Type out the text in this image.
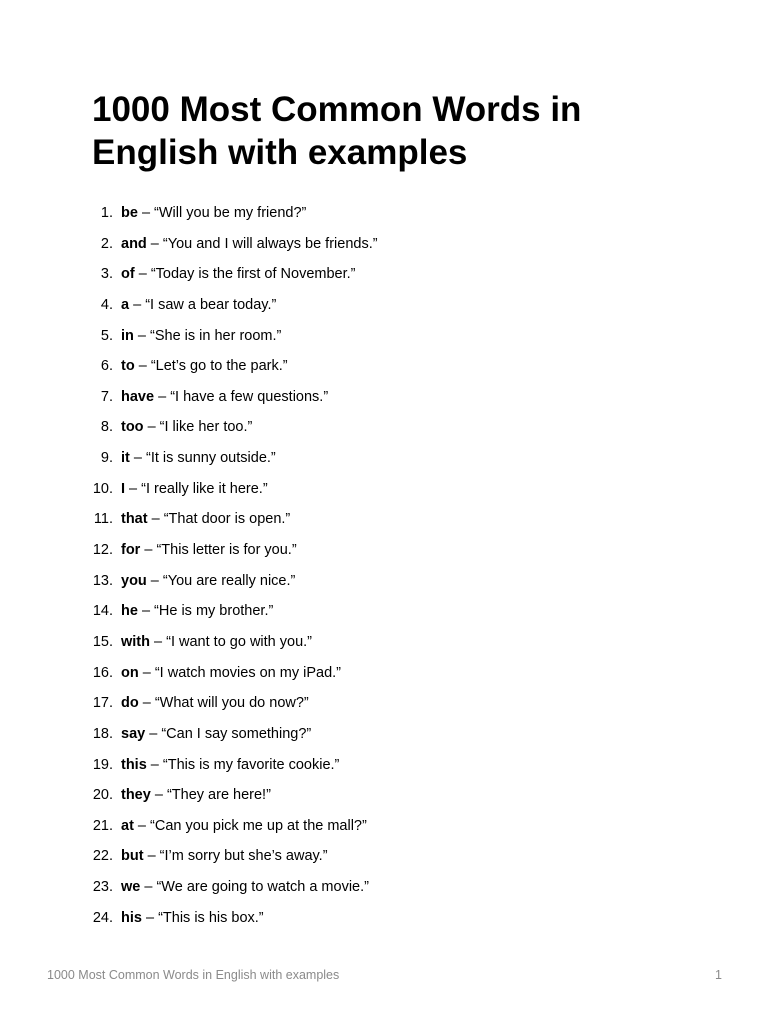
1000 Most Common Words in English with examples
1. be – “Will you be my friend?”
2. and – “You and I will always be friends.”
3. of – “Today is the first of November.”
4. a – “I saw a bear today.”
5. in – “She is in her room.”
6. to – “Let’s go to the park.”
7. have – “I have a few questions.”
8. too – “I like her too.”
9. it – “It is sunny outside.”
10. I – “I really like it here.”
11. that – “That door is open.”
12. for – “This letter is for you.”
13. you – “You are really nice.”
14. he – “He is my brother.”
15. with – “I want to go with you.”
16. on – “I watch movies on my iPad.”
17. do – “What will you do now?”
18. say – “Can I say something?”
19. this – “This is my favorite cookie.”
20. they – “They are here!”
21. at – “Can you pick me up at the mall?”
22. but – “I’m sorry but she’s away.”
23. we – “We are going to watch a movie.”
24. his – “This is his box.”
1000 Most Common Words in English with examples	1
